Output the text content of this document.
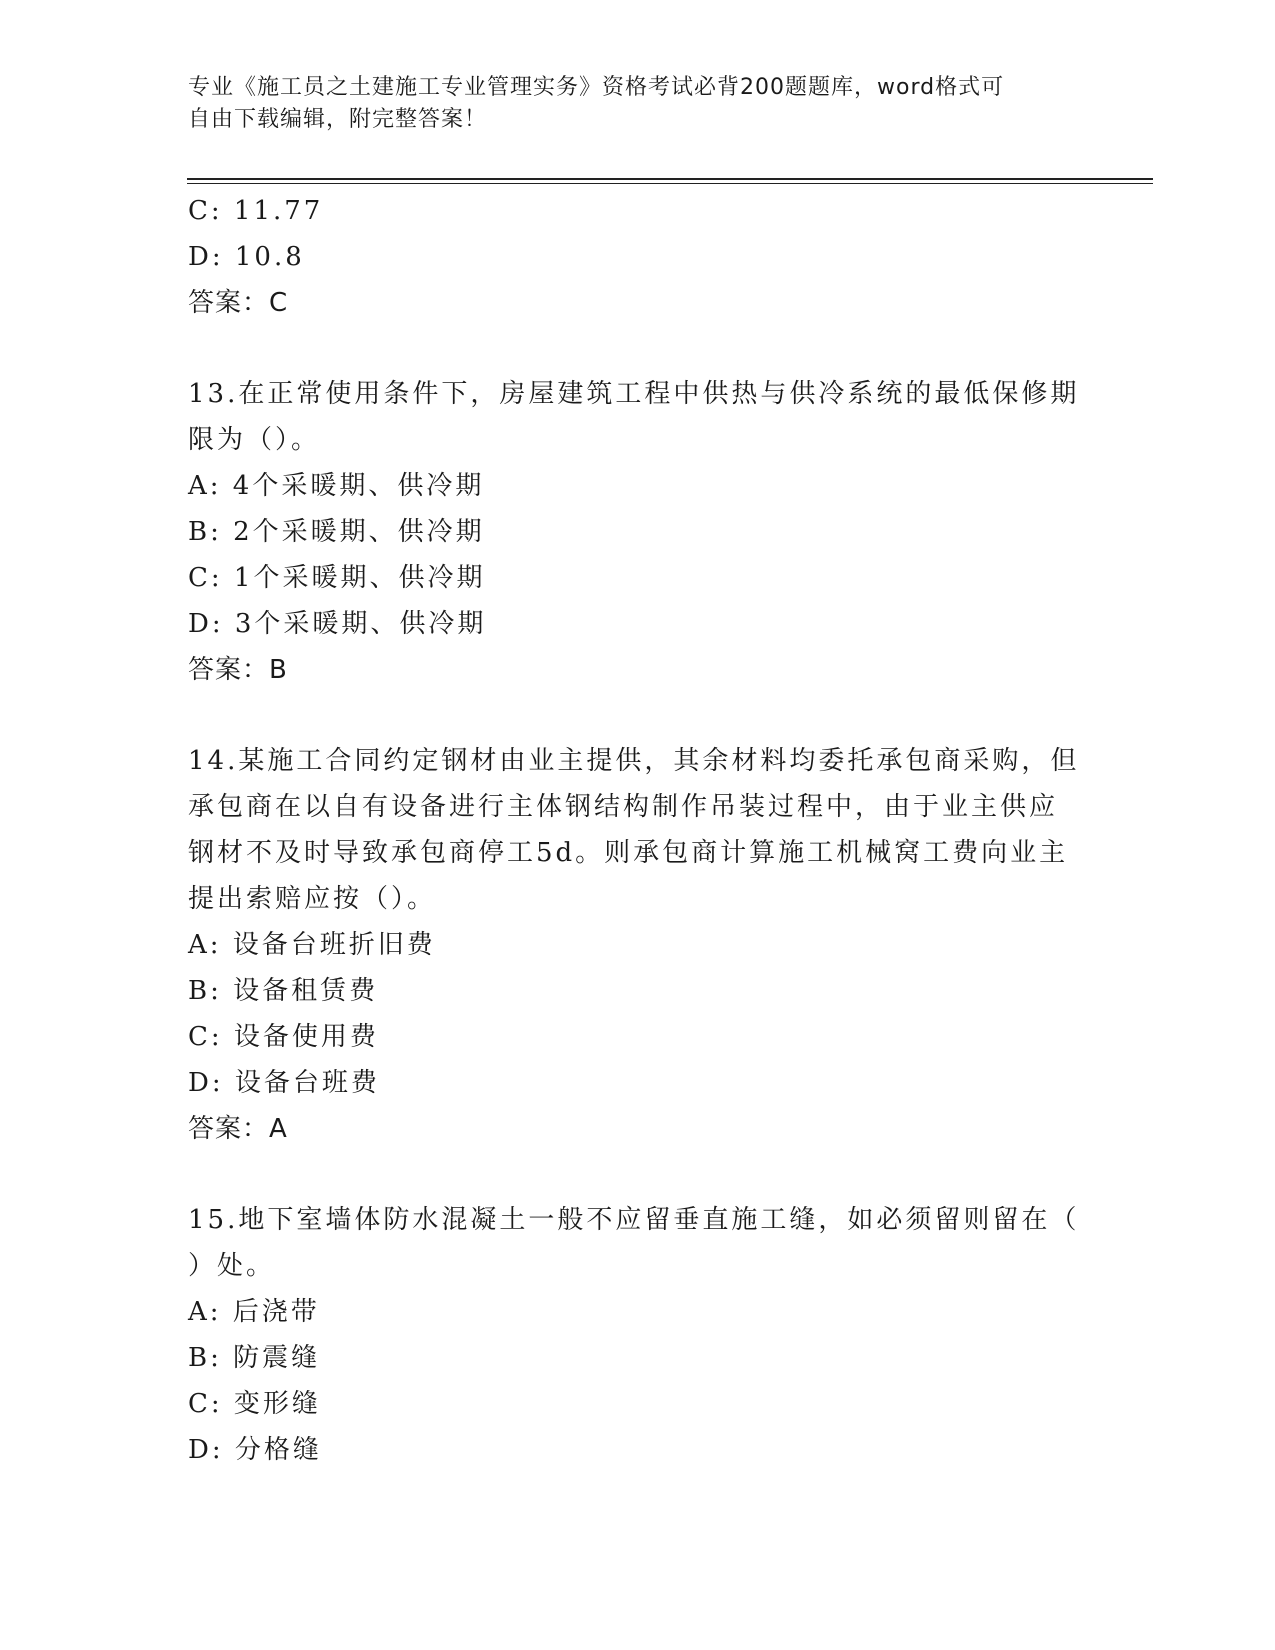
专业《施工员之土建施工专业管理实务》资格考试必背200题题库，word格式可
自由下载编辑，附完整答案！
C: 11.77
D: 10.8
答案：C
13.在正常使用条件下，房屋建筑工程中供热与供冷系统的最低保修期
限为（）。
A: 4个采暖期、供冷期
B: 2个采暖期、供冷期
C: 1个采暖期、供冷期
D: 3个采暖期、供冷期
答案：B
14.某施工合同约定钢材由业主提供，其余材料均委托承包商采购，但
承包商在以自有设备进行主体钢结构制作吊装过程中，由于业主供应
钢材不及时导致承包商停工5d。则承包商计算施工机械窝工费向业主
提出索赔应按（）。
A: 设备台班折旧费
B: 设备租赁费
C: 设备使用费
D: 设备台班费
答案：A
15.地下室墙体防水混凝土一般不应留垂直施工缝，如必须留则留在（
）处。
A: 后浇带
B: 防震缝
C: 变形缝
D: 分格缝
